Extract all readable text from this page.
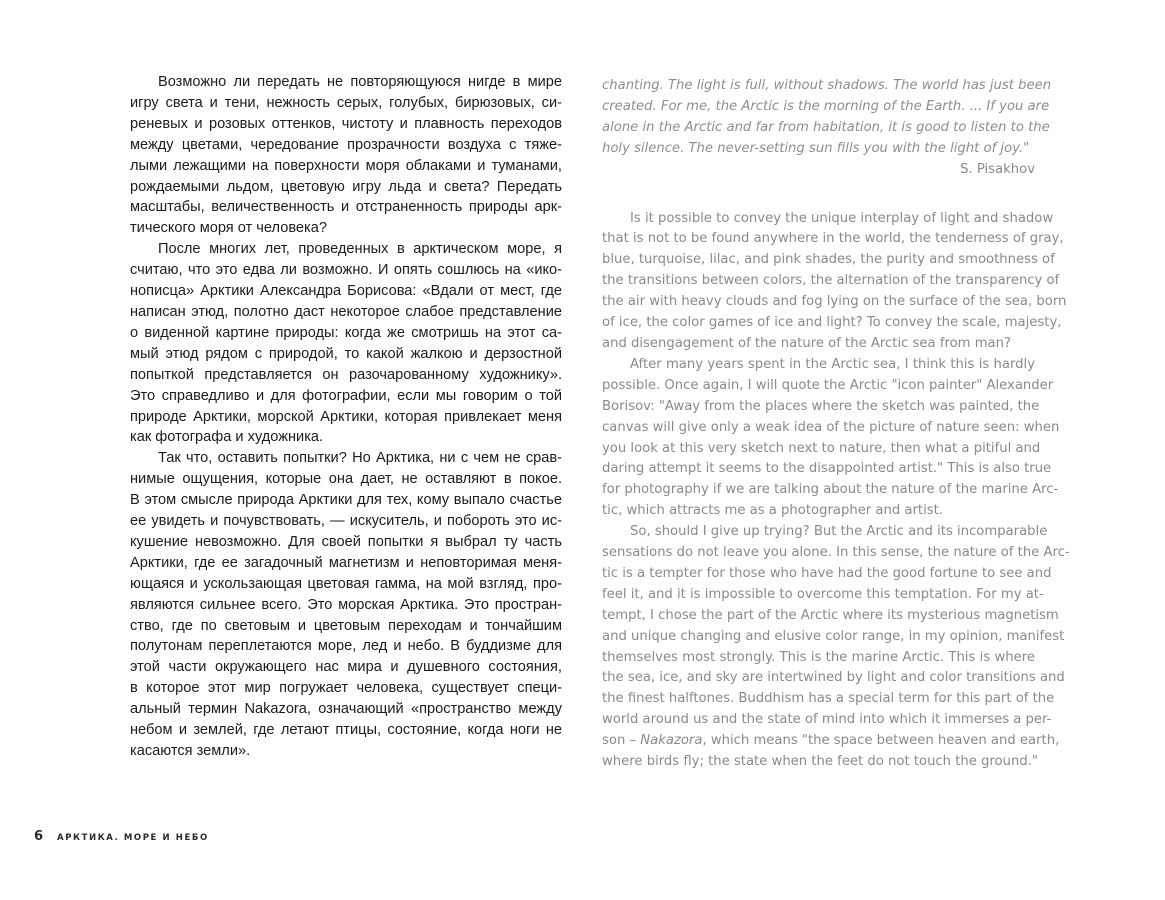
Возможно ли передать не повторяющуюся нигде в мире
игру света и тени, нежность серых, голубых, бирюзовых, си-
реневых и розовых оттенков, чистоту и плавность переходов
между цветами, чередование прозрачности воздуха с тяже-
лыми лежащими на поверхности моря облаками и туманами,
рождаемыми льдом, цветовую игру льда и света? Передать
масштабы, величественность и отстраненность природы арк-
тического моря от человека?

После многих лет, проведенных в арктическом море, я
считаю, что это едва ли возможно. И опять сошлюсь на «ико-
нописца» Арктики Александра Борисова: «Вдали от мест, где
написан этюд, полотно даст некоторое слабое представление
о виденной картине природы: когда же смотришь на этот са-
мый этюд рядом с природой, то какой жалкою и дерзостной
попыткой представляется он разочарованному художнику».
Это справедливо и для фотографии, если мы говорим о той
природе Арктики, морской Арктики, которая привлекает меня
как фотографа и художника.

Так что, оставить попытки? Но Арктика, ни с чем не срав-
нимые ощущения, которые она дает, не оставляют в покое.
В этом смысле природа Арктики для тех, кому выпало счастье
ее увидеть и почувствовать, — искуситель, и побороть это ис-
кушение невозможно. Для своей попытки я выбрал ту часть
Арктики, где ее загадочный магнетизм и неповторимая меня-
ющаяся и ускользающая цветовая гамма, на мой взгляд, про-
являются сильнее всего. Это морская Арктика. Это простран-
ство, где по световым и цветовым переходам и тончайшим
полутонам переплетаются море, лед и небо. В буддизме для
этой части окружающего нас мира и душевного состояния,
в которое этот мир погружает человека, существует специ-
альный термин Nakazora, означающий «пространство между
небом и землей, где летают птицы, состояние, когда ноги не
касаются земли».

chanting. The light is full, without shadows. The world has just been
created. For me, the Arctic is the morning of the Earth. ... If you are
alone in the Arctic and far from habitation, it is good to listen to the
holy silence. The never-setting sun fills you with the light of joy."

S. Pisakhov

Is it possible to convey the unique interplay of light and shadow
that is not to be found anywhere in the world, the tenderness of gray,
blue, turquoise, lilac, and pink shades, the purity and smoothness of
the transitions between colors, the alternation of the transparency of
the air with heavy clouds and fog lying on the surface of the sea, born
of ice, the color games of ice and light? To convey the scale, majesty,
and disengagement of the nature of the Arctic sea from man?

After many years spent in the Arctic sea, I think this is hardly
possible. Once again, I will quote the Arctic "icon painter" Alexander
Borisov: "Away from the places where the sketch was painted, the
canvas will give only a weak idea of the picture of nature seen: when
you look at this very sketch next to nature, then what a pitiful and
daring attempt it seems to the disappointed artist." This is also true
for photography if we are talking about the nature of the marine Arc-
tic, which attracts me as a photographer and artist.

So, should I give up trying? But the Arctic and its incomparable
sensations do not leave you alone. In this sense, the nature of the Arc-
tic is a tempter for those who have had the good fortune to see and
feel it, and it is impossible to overcome this temptation. For my at-
tempt, I chose the part of the Arctic where its mysterious magnetism
and unique changing and elusive color range, in my opinion, manifest
themselves most strongly. This is the marine Arctic. This is where
the sea, ice, and sky are intertwined by light and color transitions and
the finest halftones. Buddhism has a special term for this part of the
world around us and the state of mind into which it immerses a per-
son – Nakazora, which means "the space between heaven and earth,
where birds fly; the state when the feet do not touch the ground."

6 АРКТИКА. МОРЕ И НЕБО
